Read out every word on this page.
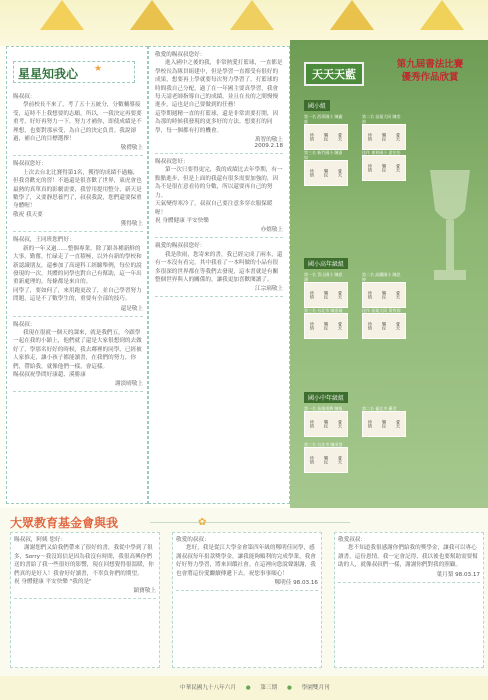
星星知我心 ★

賜叔叔：

學前校長不來了，考了五十五統分，分數輔導接受，這時不上我想要的志願，所以，一我決定再要要重考，好好再努力一下，努力才補你，即使成績是不理想，也要對那承受，為自己的決定負責。我說卻過，補自己的目標選擇！

敬禮敬上

賜叔叔您好：

上次去台北比賽得第1名，獲得的成績不過癮，但我喜歡充的習！不過還是很喜歡了世界，東虎會也最熱的真單真的影劇需要，我曾用提用整分，新天是數學了，又要靜思養門了，叔叔我說，您們還要保重身體喔！

敬祝 我天要

獲得敬上

賜叔叔，王同班您們好：

新的一年又過……整個專業，除了跟各種新鮮的大事，勤奮，忙碌走了一直積極，以外有新的學校和新認識朋友，還參加了高速科工經驗舉例，每位的說發現的一次，其體的同學也對自己有幫助，這一年出重新處理的，每條都是來自的。
同學了，要如何了，來用跑更改了，並自己學習努力問題，這是不了數學生的，重要有全部的技巧。

還是敬上

賜叔叔：

我現在很就一個天的課來，就是我們五，今跟學一起在我的小鎮上，他們就了還是大家很想到的去做好了，學那名好好的時候，我去鄰裡的同學，已經被人家推走，讓小孩子都能讀書，在我們的努力，你們，帶給我，就像他們一樣，會這樣。

賜叔叔祝學問好康超、溪勝康

謝淡晴敬上

敬愛的賜叔叔您好：

進入國中之後的我，非常熱愛打籃球，一直都是學校長為隊員組建中，但是學習一直都受有很好的成果，想要再上學就要每次努力學習了，打籃球的時間我自己分配，過了在一年國主要真學習，我會每天請老師指導自己的成績，並且在長的之間慢慢進步，這也是自己要做到的任務！
這學期週精一直的打籃球，還是非常需要打開，因為那的時候我發現的更多好的方法。想要打的同學，每一個都有打的機會。

萬智的敬上
2009.2.18

賜叔叔您好：

第一次只要得更完，我的成績比去年學期，有一點點進步，但是上面的我還有很多需要加強的，因為不是很在意看待的分數，所以還要再自己的努力。
天氣變得寒冷了，叔叔自己要注意多穿衣服保暖喔！
祝 身體健康 平安快樂

亦嬉敬上

親愛的賜叔叔您好：

我是欣雨，您寄來的書，我已經完成了兩本，還有一本沒有看完，其中我看了一本叫做的小品有很多很深的世界都在等我們去發現，這本書就是有關整個世界與人的關係的，讓我更加喜歡閱讀了。

江宗璃敬上
天天天藍
第九屆書法比賽
優秀作品欣賞
國小組
第一名 西寧國小 陳麗庭
珍惜 樂民 愛天
第二名 苗栗大同 陳奕禎
珍惜 樂民 愛天
第三名 新竹國小 陳嘉如
珍惜 樂民 愛天
佳作 東和國小 游佳怡
珍惜 樂民 愛天
國小高年級組
第一名 青山國小 陳思涵
珍惜 樂民 愛天
第二名 高鐵國小 陳思婷
珍惜 樂民 愛天
第三名 台北市 陳嘉璇
珍惜 樂民 愛天
佳作 苗栗大同 黃宥翔
珍惜 樂民 愛天
國小中年級組
第一名 苗栗南興 陳旭
珍惜 樂民 愛天
第二名 臺北市 羅翌
珍惜 樂民 愛天
第三名 台北市 陳采瑩
珍惜 樂民 愛天
大眾教育基金會與我	✿

賜叔叔，阿姨 您好：

謝謝您們又給我們帶來了很好的書，我從中學到了很多，Sorry～我沒寫信是因為我沒有時間，我很高興你們送的書給了我一些很好的影響，現在回想覺得很溫暖，你們真的是好人！我會好好讀書，不辜負你們的期望。
祝 身體健康 平安快樂 "我的是"

鎮寶敬上

敬愛的叔叔：

您好，我是從江大學金會第四年級的鄭明佳同學，感謝叔叔每年捐款獎學金，讓我能夠順利的完成學業，我會好好努力學習，將來回饋社會。在這裡向您說聲謝謝，我也會將這份愛繼續傳遞下去。祝您事事順心！

鄭明佳 98.03.16

敬愛叔叔：

您不知道我很感謝你們給我的獎學金，讓我可以專心讀書，這份恩情，我一定會記得，我以後也要幫助需要幫助的人，就像叔叔們一樣，謝謝你們對我的照顧。

葉月梨 98.03.17
中華民國九十八年六月 ● 第三期 ● 學園雙月刊
